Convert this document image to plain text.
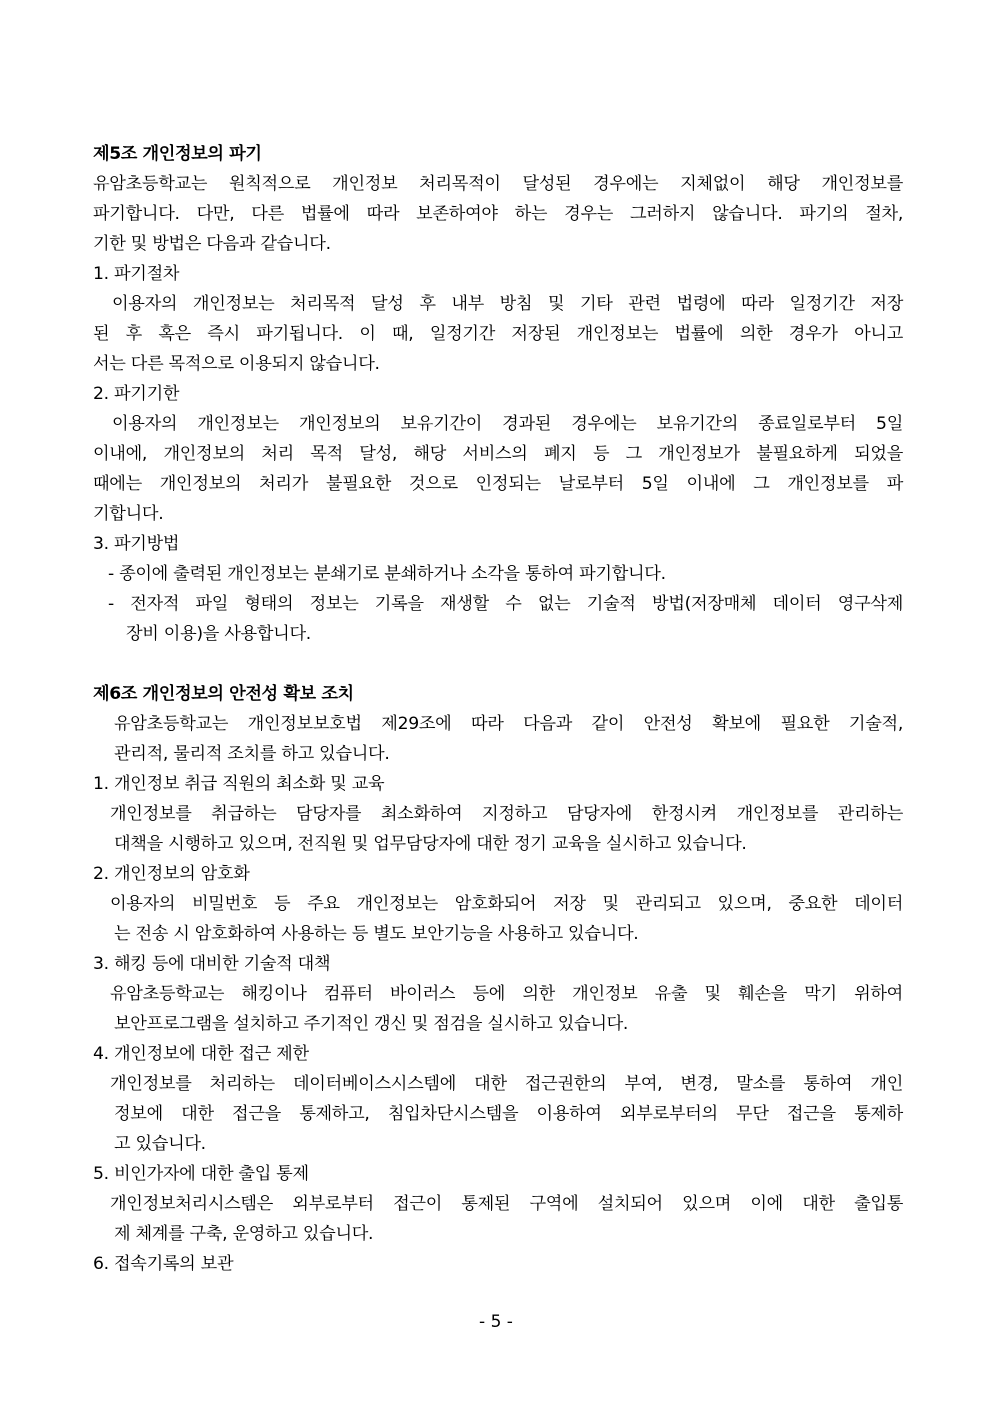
제5조 개인정보의 파기
유암초등학교는 원칙적으로 개인정보 처리목적이 달성된 경우에는 지체없이 해당 개인정보를
파기합니다. 다만, 다른 법률에 따라 보존하여야 하는 경우는 그러하지 않습니다. 파기의 절차,
기한 및 방법은 다음과 같습니다.
1. 파기절차
이용자의 개인정보는 처리목적 달성 후 내부 방침 및 기타 관련 법령에 따라 일정기간 저장
된 후 혹은 즉시 파기됩니다. 이 때, 일정기간 저장된 개인정보는 법률에 의한 경우가 아니고
서는 다른 목적으로 이용되지 않습니다.
2. 파기기한
이용자의 개인정보는 개인정보의 보유기간이 경과된 경우에는 보유기간의 종료일로부터 5일
이내에, 개인정보의 처리 목적 달성, 해당 서비스의 폐지 등 그 개인정보가 불필요하게 되었을
때에는 개인정보의 처리가 불필요한 것으로 인정되는 날로부터 5일 이내에 그 개인정보를 파
기합니다.
3. 파기방법
- 종이에 출력된 개인정보는 분쇄기로 분쇄하거나 소각을 통하여 파기합니다.
- 전자적 파일 형태의 정보는 기록을 재생할 수 없는 기술적 방법(저장매체 데이터 영구삭제
장비 이용)을 사용합니다.
제6조 개인정보의 안전성 확보 조치
유암초등학교는 개인정보보호법 제29조에 따라 다음과 같이 안전성 확보에 필요한 기술적,
관리적, 물리적 조치를 하고 있습니다.
1. 개인정보 취급 직원의 최소화 및 교육
개인정보를 취급하는 담당자를 최소화하여 지정하고 담당자에 한정시켜 개인정보를 관리하는
대책을 시행하고 있으며, 전직원 및 업무담당자에 대한 정기 교육을 실시하고 있습니다.
2. 개인정보의 암호화
이용자의 비밀번호 등 주요 개인정보는 암호화되어 저장 및 관리되고 있으며, 중요한 데이터
는 전송 시 암호화하여 사용하는 등 별도 보안기능을 사용하고 있습니다.
3. 해킹 등에 대비한 기술적 대책
유암초등학교는 해킹이나 컴퓨터 바이러스 등에 의한 개인정보 유출 및 훼손을 막기 위하여
보안프로그램을 설치하고 주기적인 갱신 및 점검을 실시하고 있습니다.
4. 개인정보에 대한 접근 제한
개인정보를 처리하는 데이터베이스시스템에 대한 접근권한의 부여, 변경, 말소를 통하여 개인
정보에 대한 접근을 통제하고, 침입차단시스템을 이용하여 외부로부터의 무단 접근을 통제하
고 있습니다.
5. 비인가자에 대한 출입 통제
개인정보처리시스템은 외부로부터 접근이 통제된 구역에 설치되어 있으며 이에 대한 출입통
제 체계를 구축, 운영하고 있습니다.
6. 접속기록의 보관
- 5 -
